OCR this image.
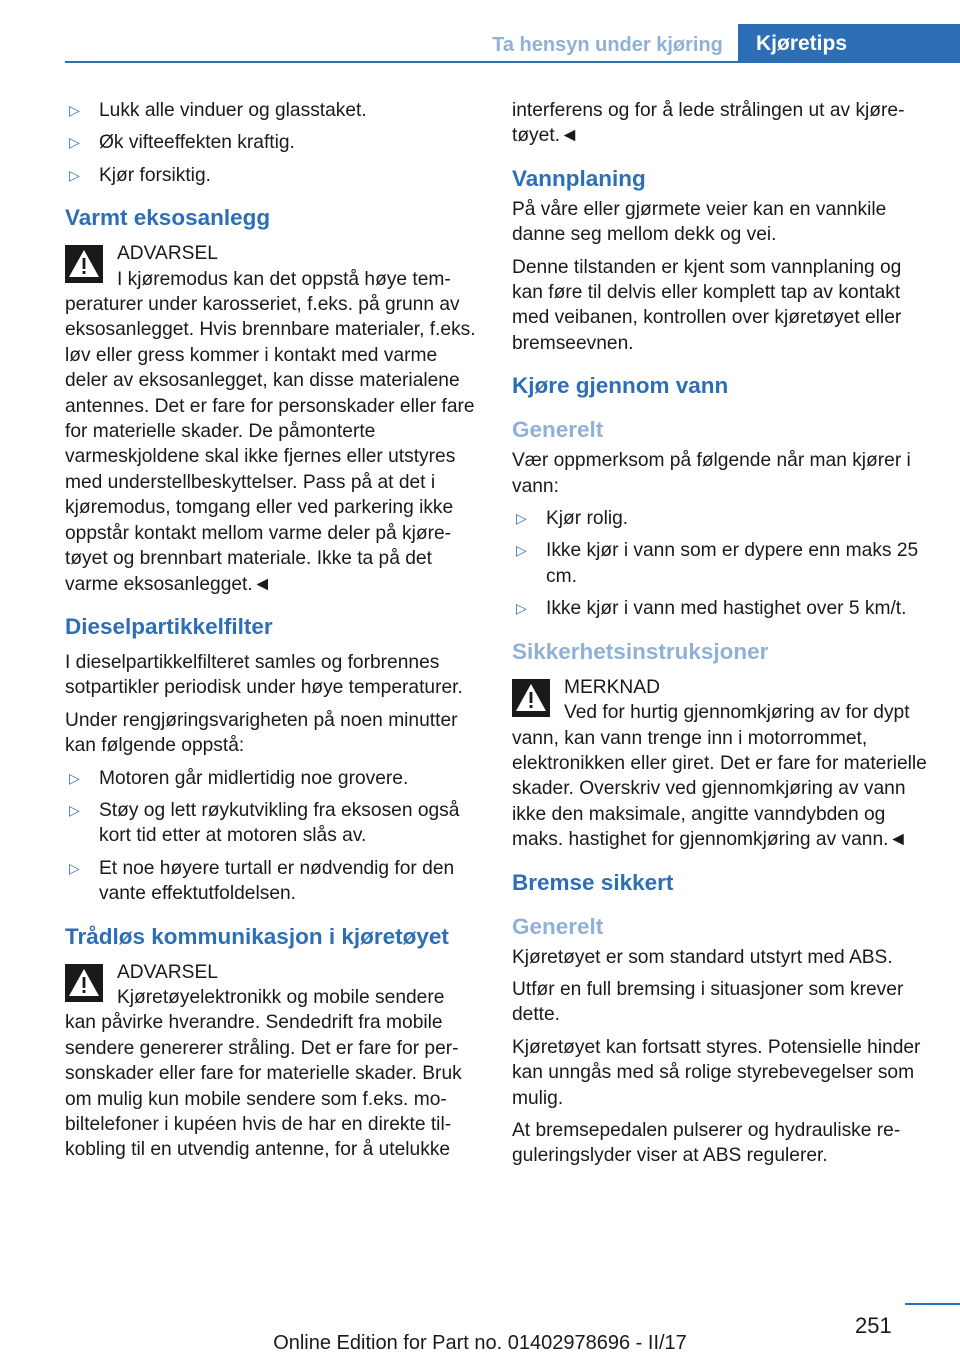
Ta hensyn under kjøring	Kjøretips
▷ Lukk alle vinduer og glasstaket.
▷ Øk vifteeffekten kraftig.
▷ Kjør forsiktig.
Varmt eksosanlegg
ADVARSEL
I kjøremodus kan det oppstå høye temperaturer under karosseriet, f.eks. på grunn av eksosanlegget. Hvis brennbare materialer, f.eks. løv eller gress kommer i kontakt med varme deler av eksosanlegget, kan disse materialene antennes. Det er fare for personskader eller fare for materielle skader. De påmonterte varmeskjoldene skal ikke fjernes eller utstyres med understellbeskyttelser. Pass på at det i kjøremodus, tomgang eller ved parkering ikke oppstår kontakt mellom varme deler på kjøretøyet og brennbart materiale. Ikke ta på det varme eksosanlegget.◄
Dieselpartikkelfilter

I dieselpartikkelfilteret samles og forbrennes sotpartikler periodisk under høye temperaturer.

Under rengjøringsvarigheten på noen minutter kan følgende oppstå:

▷ Motoren går midlertidig noe grovere.
▷ Støy og lett røykutvikling fra eksosen også kort tid etter at motoren slås av.
▷ Et noe høyere turtall er nødvendig for den vante effektutfoldelsen.
Trådløs kommunikasjon i kjøretøyet
ADVARSEL
Kjøretøyelektronikk og mobile sendere kan påvirke hverandre. Sendedrift fra mobile sendere genererer stråling. Det er fare for personskader eller fare for materielle skader. Bruk om mulig kun mobile sendere som f.eks. mobiltelefoner i kupéen hvis de har en direkte tilkobling til en utvendig antenne, for å utelukke

interferens og for å lede strålingen ut av kjøretøyet.◄

Vannplaning

På våre eller gjørmete veier kan en vannkile danne seg mellom dekk og vei.

Denne tilstanden er kjent som vannplaning og kan føre til delvis eller komplett tap av kontakt med veibanen, kontrollen over kjøretøyet eller bremseevnen.

Kjøre gjennom vann
Generelt

Vær oppmerksom på følgende når man kjører i vann:

▷ Kjør rolig.
▷ Ikke kjør i vann som er dypere enn maks 25 cm.
▷ Ikke kjør i vann med hastighet over 5 km/t.
Sikkerhetsinstruksjoner
MERKNAD
Ved for hurtig gjennomkjøring av for dypt vann, kan vann trenge inn i motorrommet, elektronikken eller giret. Det er fare for materielle skader. Overskriv ved gjennomkjøring av vann ikke den maksimale, angitte vanndybden og maks. hastighet for gjennomkjøring av vann.◄
Bremse sikkert
Generelt

Kjøretøyet er som standard utstyrt med ABS.

Utfør en full bremsing i situasjoner som krever dette.

Kjøretøyet kan fortsatt styres. Potensielle hinder kan unngås med så rolige styrebevegelser som mulig.

At bremsepedalen pulserer og hydrauliske reguleringslyder viser at ABS regulerer.

251
Online Edition for Part no. 01402978696 - II/17
